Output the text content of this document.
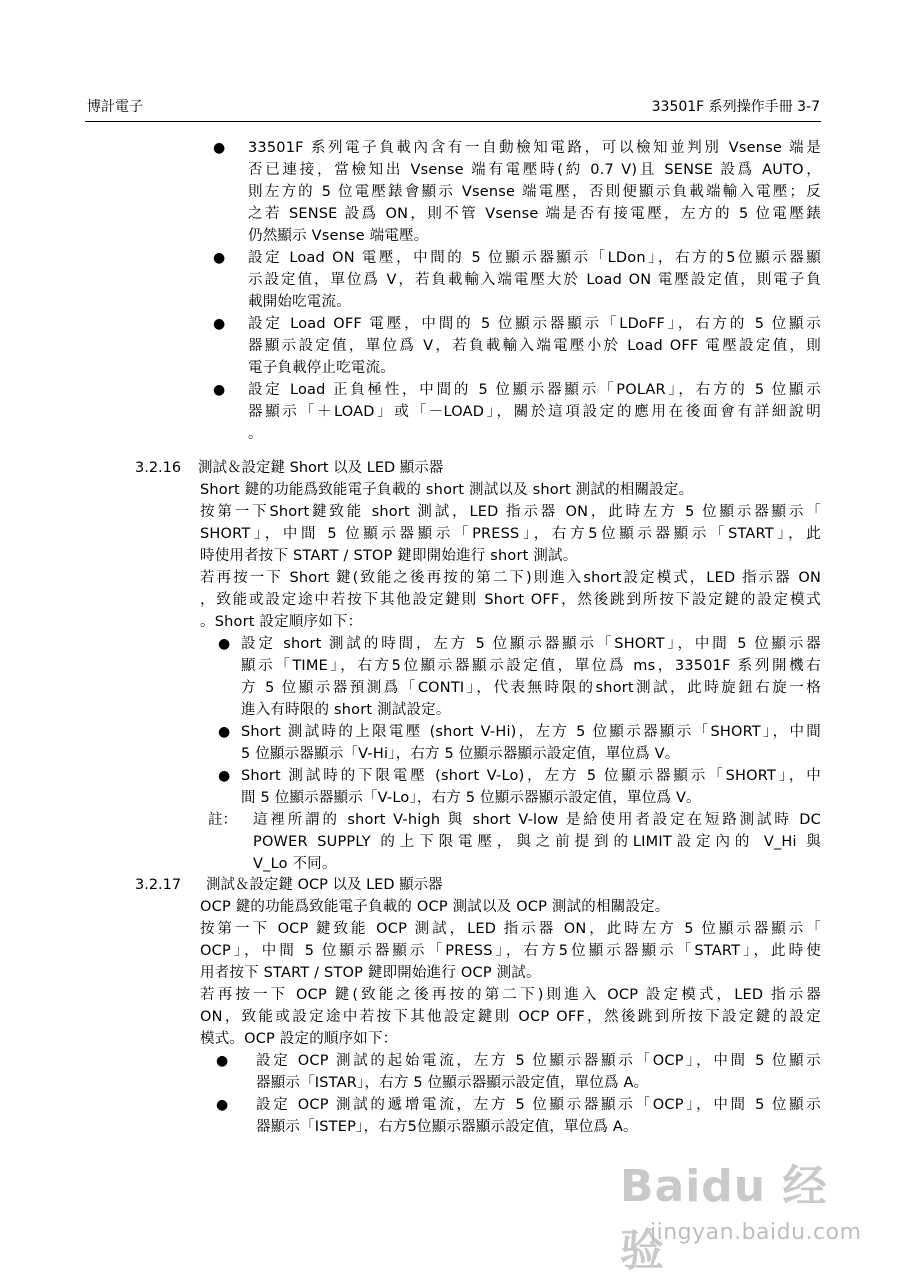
博計電子	33501F 系列操作手冊 3-7
● 33501F 系列電子負載內含有一自動檢知電路，可以檢知並判別 Vsense 端是
否已連接，當檢知出 Vsense 端有電壓時(約 0.7 V)且 SENSE 設爲 AUTO，
則左方的 5 位電壓錶會顯示 Vsense 端電壓，否則便顯示負載端輸入電壓；反
之若 SENSE 設爲 ON，則不管 Vsense 端是否有接電壓，左方的 5 位電壓錶
仍然顯示 Vsense 端電壓。
● 設定 Load ON 電壓，中間的 5 位顯示器顯示「LDon」，右方的5位顯示器顯
示設定值，單位爲 V，若負載輸入端電壓大於 Load ON 電壓設定值，則電子負
載開始吃電流。
● 設定 Load OFF 電壓，中間的 5 位顯示器顯示「LDoFF」，右方的 5 位顯示
器顯示設定值，單位爲 V，若負載輸入端電壓小於 Load OFF 電壓設定值，則
電子負載停止吃電流。
● 設定 Load 正負極性，中間的 5 位顯示器顯示「POLAR」，右方的 5 位顯示
器顯示「＋LOAD」或「－LOAD」，關於這項設定的應用在後面會有詳細說明
。
3.2.16 測試＆設定鍵 Short 以及 LED 顯示器
Short 鍵的功能爲致能電子負載的 short 測試以及 short 測試的相關設定。
按第一下Short鍵致能 short 測試，LED 指示器 ON，此時左方 5 位顯示器顯示「
SHORT」，中間 5 位顯示器顯示「PRESS」，右方5位顯示器顯示「START」，此
時使用者按下 START / STOP 鍵即開始進行 short 測試。
若再按一下 Short 鍵(致能之後再按的第二下)則進入short設定模式，LED 指示器 ON
，致能或設定途中若按下其他設定鍵則 Short OFF，然後跳到所按下設定鍵的設定模式
。Short 設定順序如下：
● 設定 short 測試的時間，左方 5 位顯示器顯示「SHORT」，中間 5 位顯示器
顯示「TIME」，右方5位顯示器顯示設定值，單位爲 ms，33501F 系列開機右
方 5 位顯示器預測爲「CONTI」，代表無時限的short測試，此時旋鈕右旋一格
進入有時限的 short 測試設定。
● Short 測試時的上限電壓 (short V-Hi)，左方 5 位顯示器顯示「SHORT」，中間
5 位顯示器顯示「V-Hi」，右方 5 位顯示器顯示設定值，單位爲 V。
● Short 測試時的下限電壓 (short V-Lo)，左方 5 位顯示器顯示「SHORT」，中
間 5 位顯示器顯示「V-Lo」，右方 5 位顯示器顯示設定值，單位爲 V。
註： 這裡所謂的 short V-high 與 short V-low 是給使用者設定在短路測試時 DC
POWER SUPPLY 的上下限電壓，與之前提到的LIMIT設定內的 V_Hi 與
V_Lo 不同。
3.2.17 測試＆設定鍵 OCP 以及 LED 顯示器
OCP 鍵的功能爲致能電子負載的 OCP 測試以及 OCP 測試的相關設定。
按第一下 OCP 鍵致能 OCP 測試，LED 指示器 ON，此時左方 5 位顯示器顯示「
OCP」，中間 5 位顯示器顯示「PRESS」，右方5位顯示器顯示「START」，此時使
用者按下 START / STOP 鍵即開始進行 OCP 測試。
若再按一下 OCP 鍵(致能之後再按的第二下)則進入 OCP 設定模式，LED 指示器
ON，致能或設定途中若按下其他設定鍵則 OCP OFF，然後跳到所按下設定鍵的設定
模式。OCP 設定的順序如下：
● 設定 OCP 測試的起始電流，左方 5 位顯示器顯示「OCP」，中間 5 位顯示
器顯示「ISTAR」，右方 5 位顯示器顯示設定值，單位爲 A。
● 設定 OCP 測試的遞增電流，左方 5 位顯示器顯示「OCP」，中間 5 位顯示
器顯示「ISTEP」，右方5位顯示器顯示設定值，單位爲 A。
Baidu 经验
jingyan.baidu.com
